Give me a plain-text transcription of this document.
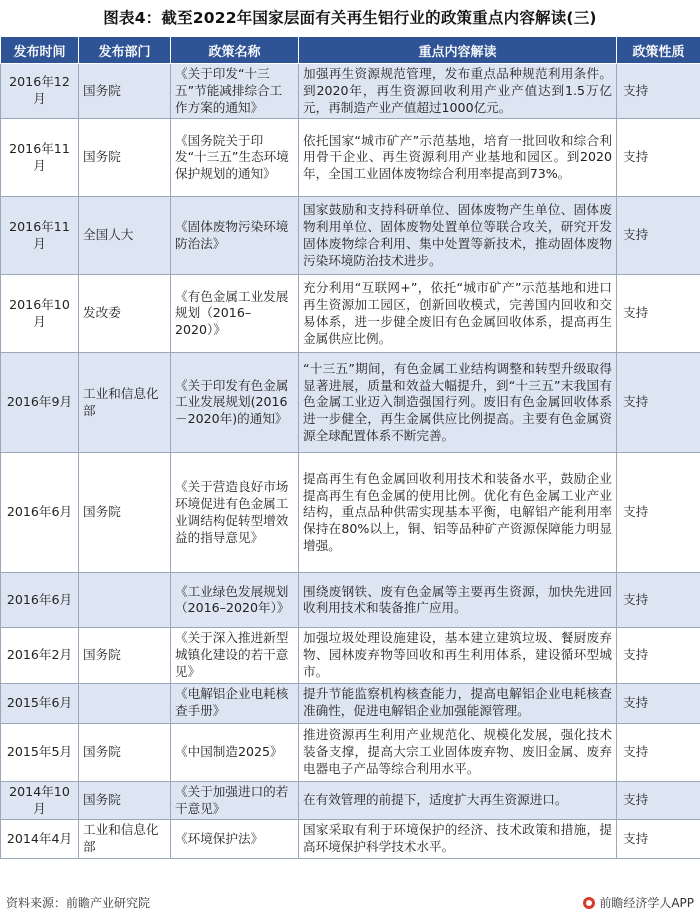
图表4：截至2022年国家层面有关再生铝行业的政策重点内容解读(三)
发布时间	发布部门	政策名称	重点内容解读	政策性质
2016年12月	国务院	《关于印发“十三五”节能减排综合工作方案的通知》	加强再生资源规范管理，发布重点品种规范利用条件。到2020年，再生资源回收利用产业产值达到1.5万亿元，再制造产业产值超过1000亿元。	支持
2016年11月	国务院	《国务院关于印发“十三五”生态环境保护规划的通知》	依托国家“城市矿产”示范基地，培育一批回收和综合利用骨干企业、再生资源利用产业基地和园区。到2020年，全国工业固体废物综合利用率提高到73%。	支持
2016年11月	全国人大	《固体废物污染环境防治法》	国家鼓励和支持科研单位、固体废物产生单位、固体废物利用单位、固体废物处置单位等联合攻关，研究开发固体废物综合利用、集中处置等新技术，推动固体废物污染环境防治技术进步。	支持
2016年10月	发改委	《有色金属工业发展规划（2016–2020）》	充分利用“互联网+”，依托“城市矿产”示范基地和进口再生资源加工园区，创新回收模式，完善国内回收和交易体系，进一步健全废旧有色金属回收体系，提高再生金属供应比例。	支持
2016年9月	工业和信息化部	《关于印发有色金属工业发展规划(2016－2020年)的通知》	“十三五”期间，有色金属工业结构调整和转型升级取得显著进展，质量和效益大幅提升，到“十三五”末我国有色金属工业迈入制造强国行列。废旧有色金属回收体系进一步健全，再生金属供应比例提高。主要有色金属资源全球配置体系不断完善。	支持
2016年6月	国务院	《关于营造良好市场环境促进有色金属工业调结构促转型增效益的指导意见》	提高再生有色金属回收利用技术和装备水平，鼓励企业提高再生有色金属的使用比例。优化有色金属工业产业结构，重点品种供需实现基本平衡，电解铝产能利用率保持在80%以上，铜、铝等品种矿产资源保障能力明显增强。	支持
2016年6月		《工业绿色发展规划（2016–2020年）》	围绕废钢铁、废有色金属等主要再生资源，加快先进回收利用技术和装备推广应用。	支持
2016年2月	国务院	《关于深入推进新型城镇化建设的若干意见》	加强垃圾处理设施建设，基本建立建筑垃圾、餐厨废弃物、园林废弃物等回收和再生利用体系，建设循环型城市。	支持
2015年6月		《电解铝企业电耗核查手册》	提升节能监察机构核查能力，提高电解铝企业电耗核查准确性，促进电解铝企业加强能源管理。	支持
2015年5月	国务院	《中国制造2025》	推进资源再生利用产业规范化、规模化发展，强化技术装备支撑，提高大宗工业固体废弃物、废旧金属、废弃电器电子产品等综合利用水平。	支持
2014年10月	国务院	《关于加强进口的若干意见》	在有效管理的前提下，适度扩大再生资源进口。	支持
2014年4月	工业和信息化部	《环境保护法》	国家采取有利于环境保护的经济、技术政策和措施，提高环境保护科学技术水平。	支持
资料来源：前瞻产业研究院	前瞻经济学人APP
